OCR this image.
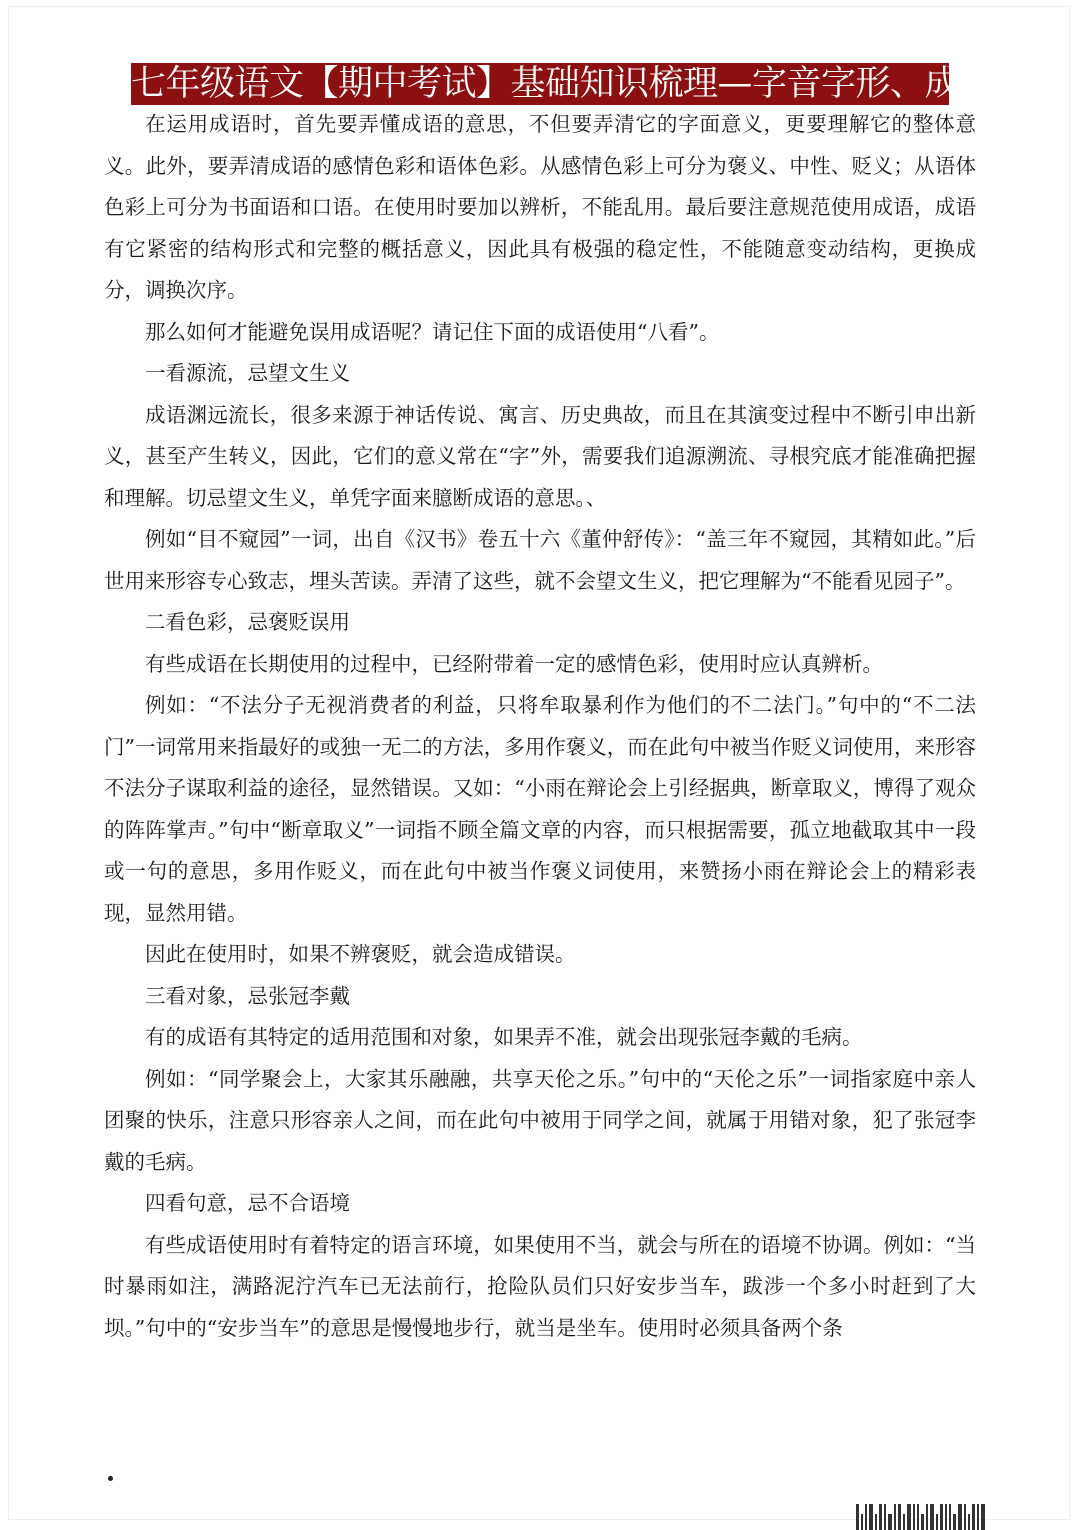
七年级语文【期中考试】基础知识梳理—字音字形、成语

在运用成语时，首先要弄懂成语的意思，不但要弄清它的字面意义，更要理解它的整体意义。此外，要弄清成语的感情色彩和语体色彩。从感情色彩上可分为褒义、中性、贬义；从语体色彩上可分为书面语和口语。在使用时要加以辨析，不能乱用。最后要注意规范使用成语，成语有它紧密的结构形式和完整的概括意义，因此具有极强的稳定性，不能随意变动结构，更换成分，调换次序。

那么如何才能避免误用成语呢？请记住下面的成语使用“八看”。

一看源流，忌望文生义

成语渊远流长，很多来源于神话传说、寓言、历史典故，而且在其演变过程中不断引申出新义，甚至产生转义，因此，它们的意义常在“字”外，需要我们追源溯流、寻根究底才能准确把握和理解。切忌望文生义，单凭字面来臆断成语的意思。、

例如“目不窥园”一词，出自《汉书》卷五十六《董仲舒传》：“盖三年不窥园，其精如此。”后世用来形容专心致志，埋头苦读。弄清了这些，就不会望文生义，把它理解为“不能看见园子”。

二看色彩，忌褒贬误用

有些成语在长期使用的过程中，已经附带着一定的感情色彩，使用时应认真辨析。

例如：“不法分子无视消费者的利益，只将牟取暴利作为他们的不二法门。”句中的“不二法门”一词常用来指最好的或独一无二的方法，多用作褒义，而在此句中被当作贬义词使用，来形容不法分子谋取利益的途径，显然错误。又如：“小雨在辩论会上引经据典，断章取义，博得了观众的阵阵掌声。”句中“断章取义”一词指不顾全篇文章的内容，而只根据需要，孤立地截取其中一段或一句的意思，多用作贬义，而在此句中被当作褒义词使用，来赞扬小雨在辩论会上的精彩表现，显然用错。

因此在使用时，如果不辨褒贬，就会造成错误。

三看对象，忌张冠李戴

有的成语有其特定的适用范围和对象，如果弄不准，就会出现张冠李戴的毛病。

例如：“同学聚会上，大家其乐融融，共享天伦之乐。”句中的“天伦之乐”一词指家庭中亲人团聚的快乐，注意只形容亲人之间，而在此句中被用于同学之间，就属于用错对象，犯了张冠李戴的毛病。

四看句意，忌不合语境

有些成语使用时有着特定的语言环境，如果使用不当，就会与所在的语境不协调。例如：“当时暴雨如注，满路泥泞汽车已无法前行，抢险队员们只好安步当车，跋涉一个多小时赶到了大坝。”句中的“安步当车”的意思是慢慢地步行，就当是坐车。使用时必须具备两个条
